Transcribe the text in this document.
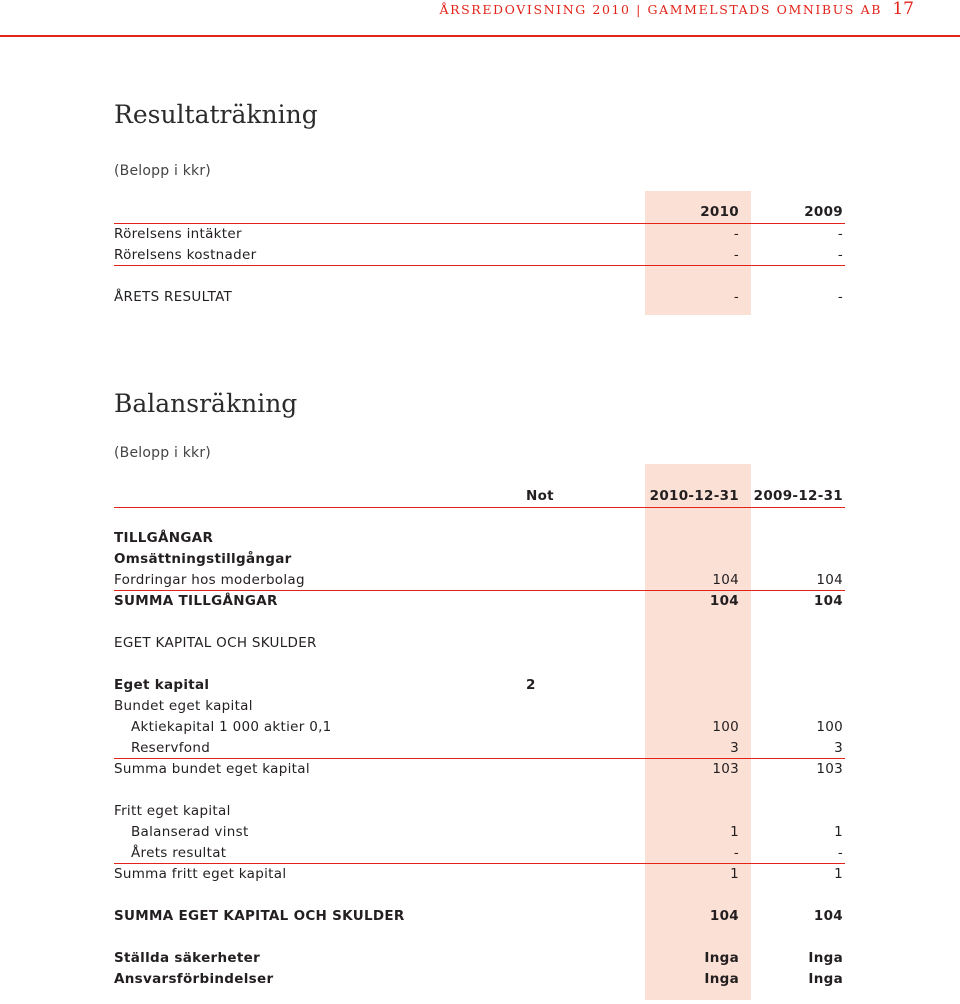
ÅRSREDOVISNING 2010 | GAMMELSTADS OMNIBUS AB 17
Resultaträkning
(Belopp i kkr)
2010	2009
Rörelsens intäkter	-	-
Rörelsens kostnader	-	-
ÅRETS RESULTAT	-	-
Balansräkning
(Belopp i kkr)
Not	2010-12-31 2009-12-31
TILLGÅNGAR
Omsättningstillgångar
Fordringar hos moderbolag	104	104
SUMMA TILLGÅNGAR	104	104
EGET KAPITAL OCH SKULDER
Eget kapital	2
Bundet eget kapital
Aktiekapital 1 000 aktier 0,1	100	100
Reservfond	3	3
Summa bundet eget kapital	103	103
Fritt eget kapital
Balanserad vinst	1	1
Årets resultat	-	-
Summa fritt eget kapital	1	1
SUMMA EGET KAPITAL OCH SKULDER	104	104
Ställda säkerheter	Inga	Inga
Ansvarsförbindelser	Inga	Inga
